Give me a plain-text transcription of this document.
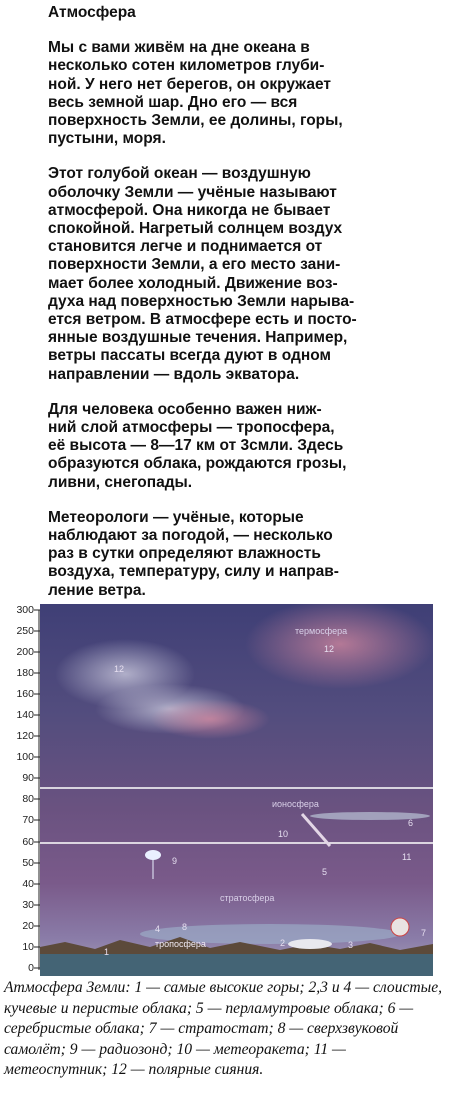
Атмосфера

Мы с вами живём на дне океана в
несколько сотен километров глуби-
ной. У него нет берегов, он окружает
весь земной шар. Дно его — вся
поверхность Земли, ее долины, горы,
пустыни, моря.

Этот голубой океан — воздушную
оболочку Земли — учёные называют
атмосферой. Она никогда не бывает
спокойной. Нагретый солнцем воздух
становится легче и поднимается от
поверхности Земли, а его место зани-
мает более холодный. Движение воз-
духа над поверхностью Земли нарыва-
ется ветром. В атмосфере есть и посто-
янные воздушные течения. Например,
ветры пассаты всегда дуют в одном
направлении — вдоль экватора.

Для человека особенно важен ниж-
ний слой атмосферы — тропосфера,
её высота — 8—17 км от 3смли. Здесь
образуются облака, рождаются грозы,
ливни, снегопады.

Метеорологи — учёные, которые
наблюдают за погодой, — несколько
раз в сутки определяют влажность
воздуха, температуру, силу и направ-
ление ветра.

300
250
200
180
160
140
120
100
90
80
70
60
50
40
30
20
10
0
термосфера
ионосфера
стратосфера
тропосфера
1
2	3
4
5
6
7
8
9
10
11
12
12
Атмосфера Земли: 1 — самые высокие горы; 2,3 и 4 — слоистые, кучевые и перистые облака; 5 — перламутровые облака; 6 — серебристые облака; 7 — стратостат; 8 — сверхзвуковой самолёт; 9 — радиозонд; 10 — метеоракета; 11 — метеоспутник; 12 — полярные сияния.
